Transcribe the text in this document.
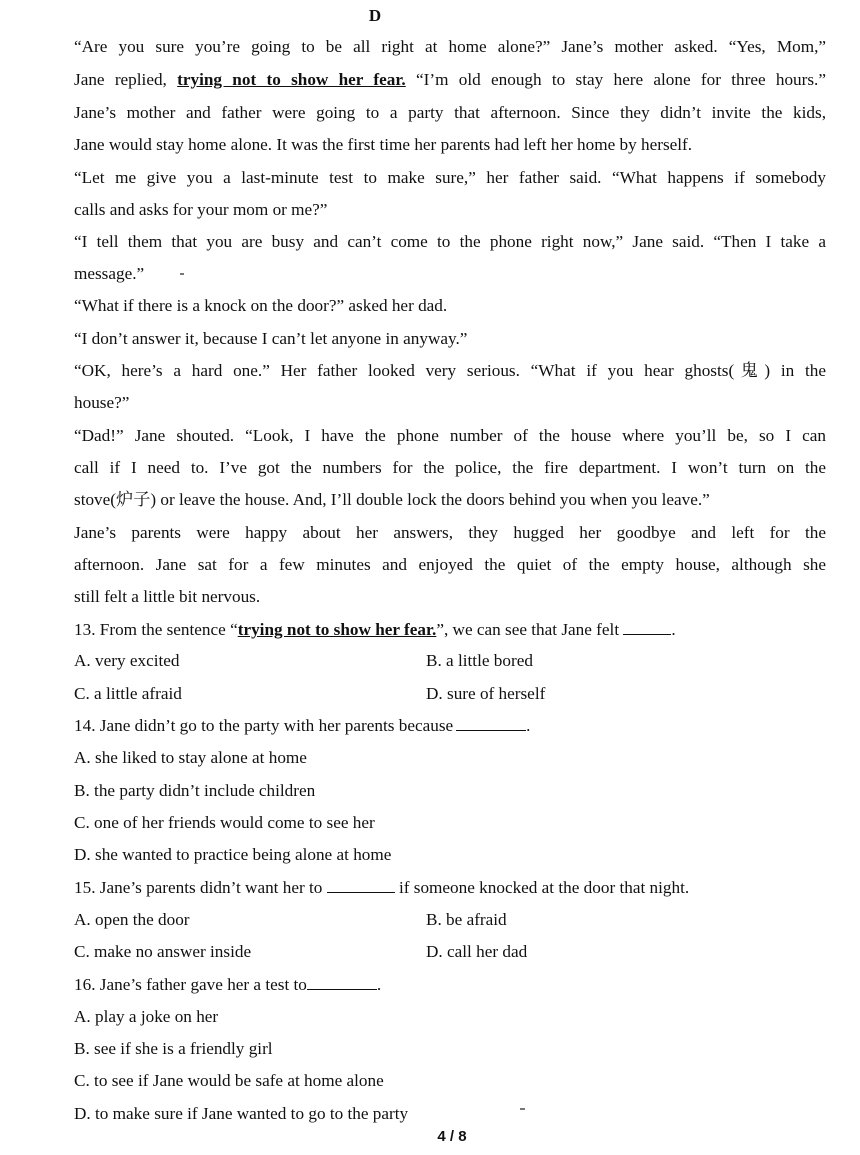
D
“Are you sure you’re going to be all right at home alone?” Jane’s mother asked. “Yes, Mom,”
Jane replied, trying not to show her fear. “I’m old enough to stay here alone for three hours.”
Jane’s mother and father were going to a party that afternoon. Since they didn’t invite the kids,
Jane would stay home alone. It was the first time her parents had left her home by herself.
“Let me give you a last-minute test to make sure,” her father said. “What happens if somebody
calls and asks for your mom or me?”
“I tell them that you are busy and can’t come to the phone right now,” Jane said. “Then I take a
message.”
“What if there is a knock on the door?” asked her dad.
“I don’t answer it, because I can’t let anyone in anyway.”
“OK, here’s a hard one.” Her father looked very serious. “What if you hear ghosts(鬼) in the
house?”
“Dad!” Jane shouted. “Look, I have the phone number of the house where you’ll be, so I can
call if I need to. I’ve got the numbers for the police, the fire department. I won’t turn on the
stove(炉子) or leave the house. And, I’ll double lock the doors behind you when you leave.”
Jane’s parents were happy about her answers, they hugged her goodbye and left for the
afternoon. Jane sat for a few minutes and enjoyed the quiet of the empty house, although she
still felt a little bit nervous.
13. From the sentence “trying not to show her fear.”, we can see that Jane felt	.
A. very excited	B. a little bored
C. a little afraid	D. sure of herself
14. Jane didn’t go to the party with her parents because	.
A. she liked to stay alone at home
B. the party didn’t include children
C. one of her friends would come to see her
D. she wanted to practice being alone at home
15. Jane’s parents didn’t want her to	if someone knocked at the door that night.
A. open the door	B. be afraid
C. make no answer inside	D. call her dad
16. Jane’s father gave her a test to	.
A. play a joke on her
B. see if she is a friendly girl
C. to see if Jane would be safe at home alone
D. to make sure if Jane wanted to go to the party
4 / 8
